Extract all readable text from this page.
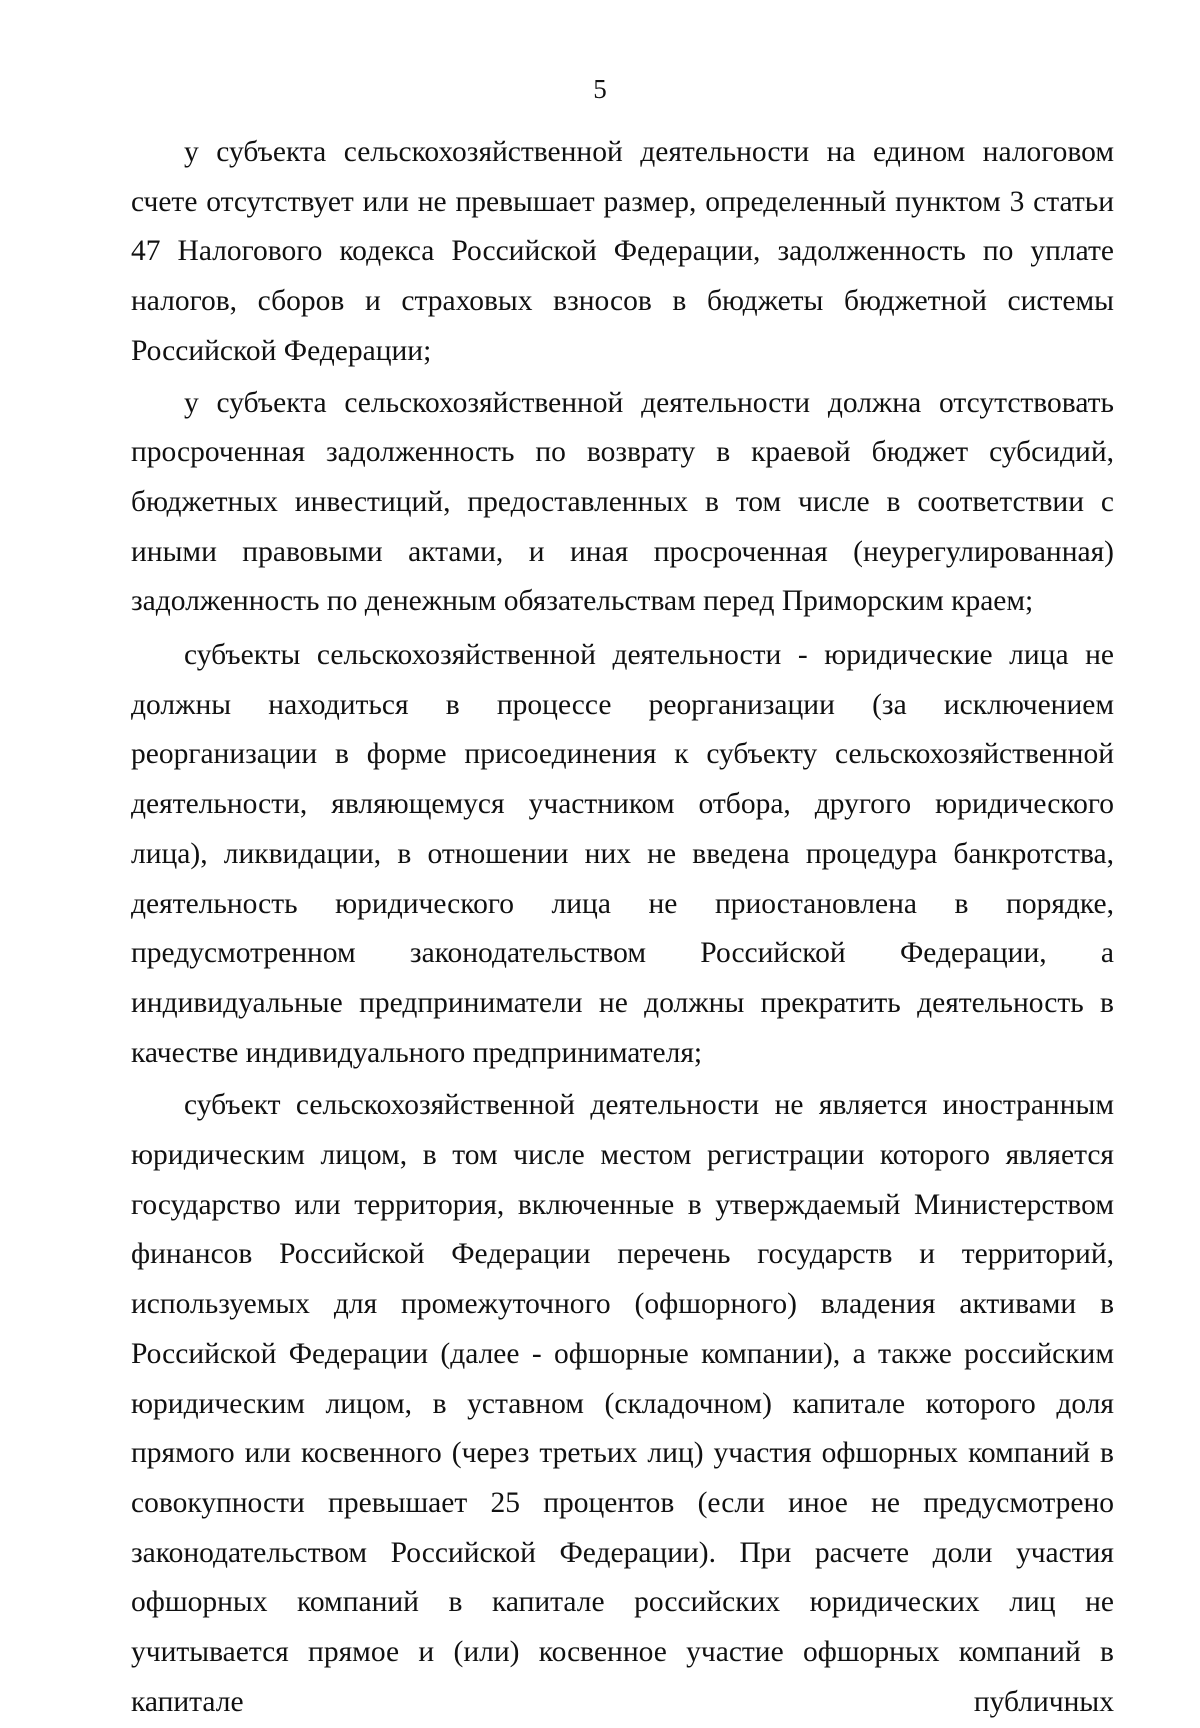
5

у субъекта сельскохозяйственной деятельности на едином налоговом счете отсутствует или не превышает размер, определенный пунктом 3 статьи 47 Налогового кодекса Российской Федерации, задолженность по уплате налогов, сборов и страховых взносов в бюджеты бюджетной системы Российской Федерации;

у субъекта сельскохозяйственной деятельности должна отсутствовать просроченная задолженность по возврату в краевой бюджет субсидий, бюджетных инвестиций, предоставленных в том числе в соответствии с иными правовыми актами, и иная просроченная (неурегулированная) задолженность по денежным обязательствам перед Приморским краем;

субъекты сельскохозяйственной деятельности - юридические лица не должны находиться в процессе реорганизации (за исключением реорганизации в форме присоединения к субъекту сельскохозяйственной деятельности, являющемуся участником отбора, другого юридического лица), ликвидации, в отношении них не введена процедура банкротства, деятельность юридического лица не приостановлена в порядке, предусмотренном законодательством Российской Федерации, а индивидуальные предприниматели не должны прекратить деятельность в качестве индивидуального предпринимателя;

субъект сельскохозяйственной деятельности не является иностранным юридическим лицом, в том числе местом регистрации которого является государство или территория, включенные в утверждаемый Министерством финансов Российской Федерации перечень государств и территорий, используемых для промежуточного (офшорного) владения активами в Российской Федерации (далее - офшорные компании), а также российским юридическим лицом, в уставном (складочном) капитале которого доля прямого или косвенного (через третьих лиц) участия офшорных компаний в совокупности превышает 25 процентов (если иное не предусмотрено законодательством Российской Федерации). При расчете доли участия офшорных компаний в капитале российских юридических лиц не учитывается прямое и (или) косвенное участие офшорных компаний в капитале публичных
